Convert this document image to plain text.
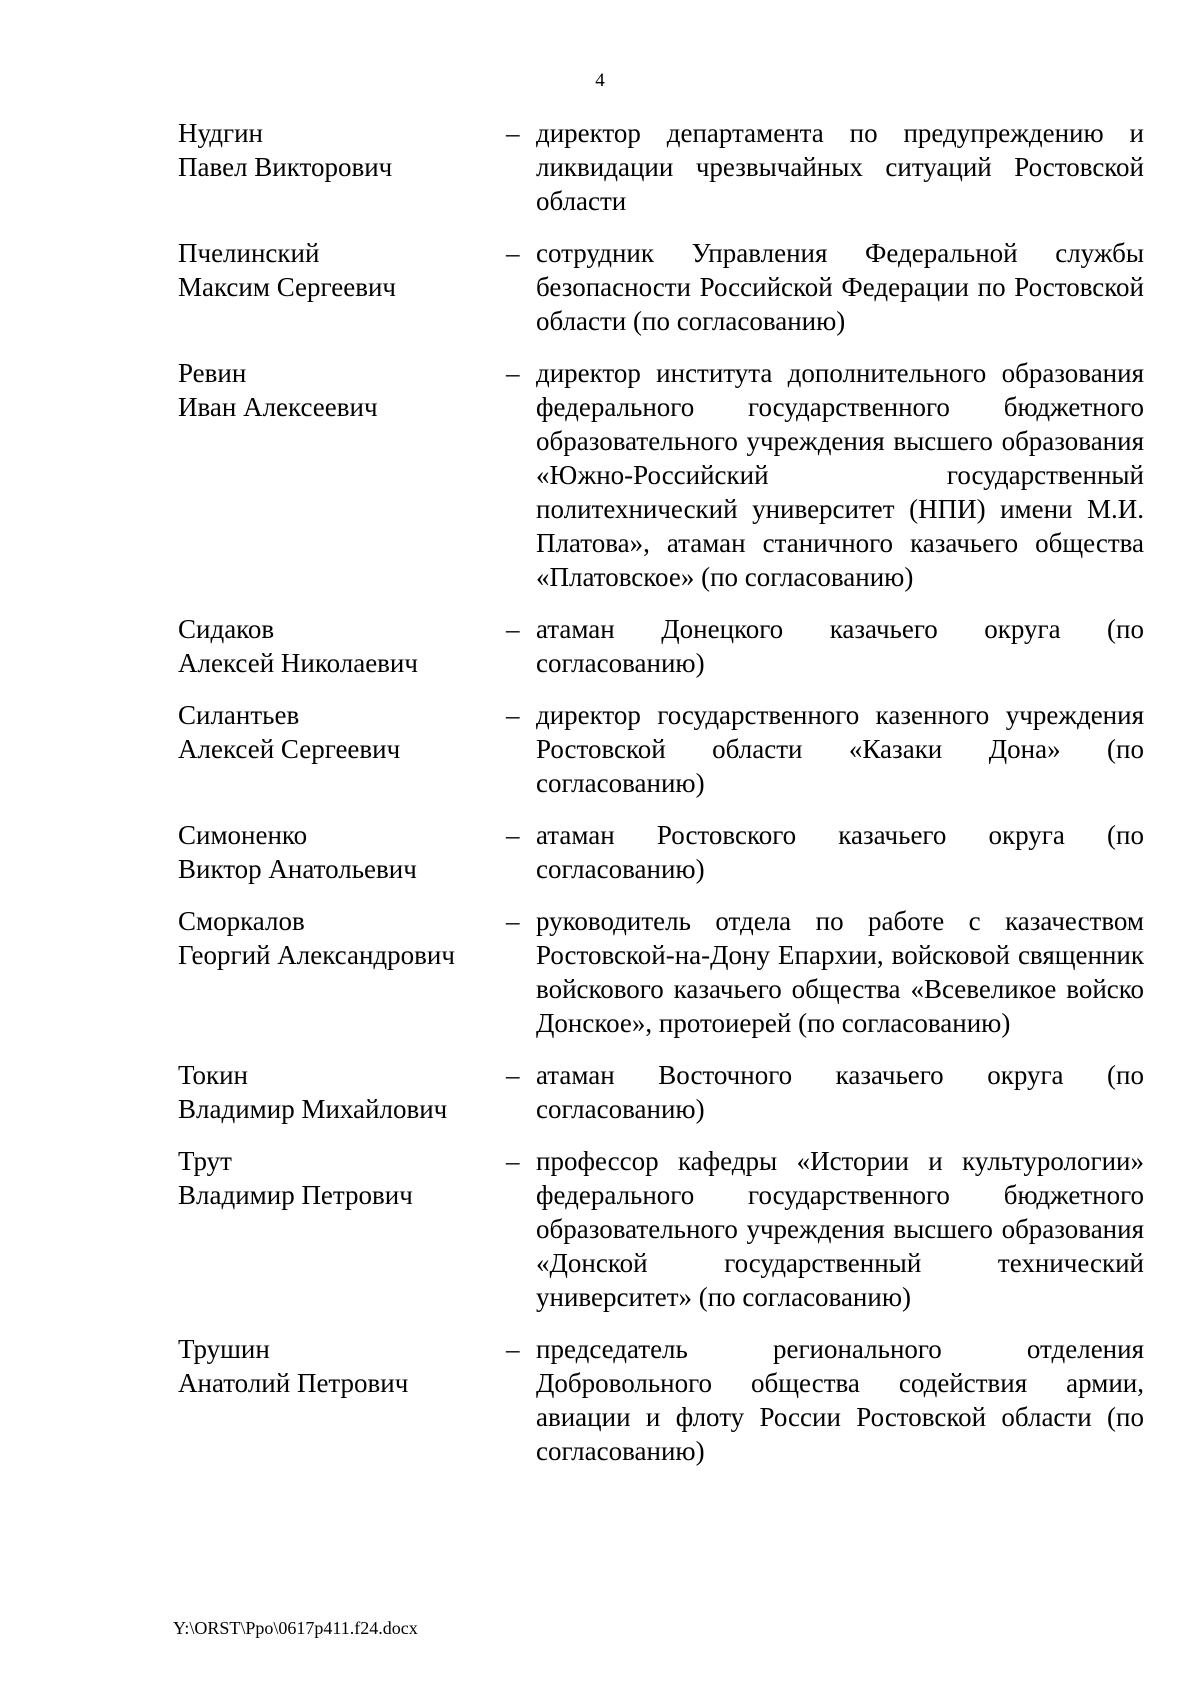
4
Нудгин
Павел Викторович
– директор департамента по предупреждению и ликвидации чрезвычайных ситуаций Ростовской области
Пчелинский
Максим Сергеевич
– сотрудник Управления Федеральной службы безопасности Российской Федерации по Ростовской области (по согласованию)
Ревин
Иван Алексеевич
– директор института дополнительного образования федерального государственного бюджетного образовательного учреждения высшего образования «Южно-Российский государственный политехнический университет (НПИ) имени М.И. Платова», атаман станичного казачьего общества «Платовское» (по согласованию)
Сидаков
Алексей Николаевич
– атаман Донецкого казачьего округа (по согласованию)
Силантьев
Алексей Сергеевич
– директор государственного казенного учреждения Ростовской области «Казаки Дона» (по согласованию)
Симоненко
Виктор Анатольевич
– атаман Ростовского казачьего округа (по согласованию)
Сморкалов
Георгий Александрович
– руководитель отдела по работе с казачеством Ростовской-на-Дону Епархии, войсковой священник войскового казачьего общества «Всевеликое войско Донское», протоиерей (по согласованию)
Токин
Владимир Михайлович
– атаман Восточного казачьего округа (по согласованию)
Трут
Владимир Петрович
– профессор кафедры «Истории и культурологии» федерального государственного бюджетного образовательного учреждения высшего образования «Донской государственный технический университет» (по согласованию)
Трушин
Анатолий Петрович
– председатель регионального отделения Добровольного общества содействия армии, авиации и флоту России Ростовской области (по согласованию)
Y:\ORST\Ppo\0617p411.f24.docx
